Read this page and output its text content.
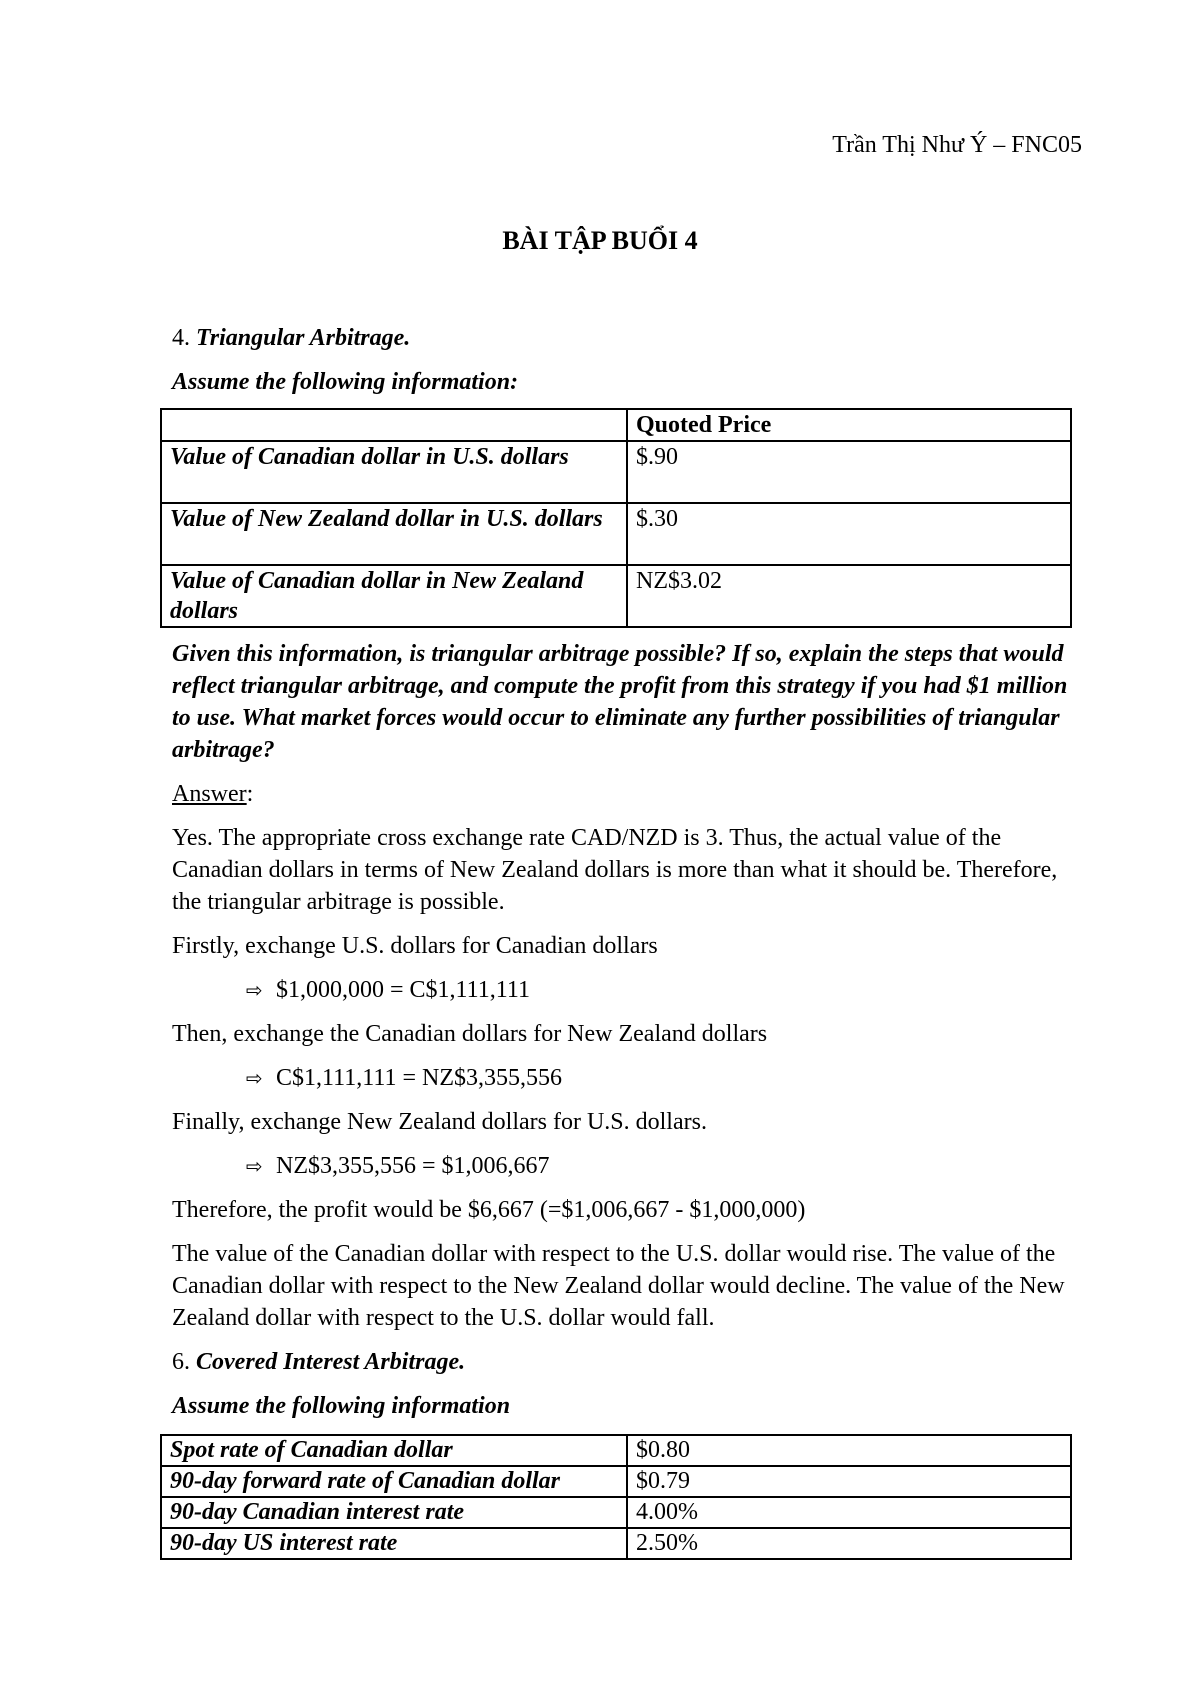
Trần Thị Như Ý – FNC05
BÀI TẬP BUỔI 4
4. Triangular Arbitrage.
Assume the following information:
	Quoted Price
Value of Canadian dollar in U.S. dollars	$.90
Value of New Zealand dollar in U.S. dollars	$.30
Value of Canadian dollar in New Zealand dollars	NZ$3.02
Given this information, is triangular arbitrage possible? If so, explain the steps that would reflect triangular arbitrage, and compute the profit from this strategy if you had $1 million to use. What market forces would occur to eliminate any further possibilities of triangular arbitrage?
Answer:
Yes. The appropriate cross exchange rate CAD/NZD is 3. Thus, the actual value of the Canadian dollars in terms of New Zealand dollars is more than what it should be. Therefore, the triangular arbitrage is possible.
Firstly, exchange U.S. dollars for Canadian dollars
⇨ $1,000,000 = C$1,111,111
Then, exchange the Canadian dollars for New Zealand dollars
⇨ C$1,111,111 = NZ$3,355,556
Finally, exchange New Zealand dollars for U.S. dollars.
⇨ NZ$3,355,556 = $1,006,667
Therefore, the profit would be $6,667 (=$1,006,667 - $1,000,000)
The value of the Canadian dollar with respect to the U.S. dollar would rise. The value of the Canadian dollar with respect to the New Zealand dollar would decline. The value of the New Zealand dollar with respect to the U.S. dollar would fall.
6. Covered Interest Arbitrage.
Assume the following information
Spot rate of Canadian dollar	$0.80
90-day forward rate of Canadian dollar	$0.79
90-day Canadian interest rate	4.00%
90-day US interest rate	2.50%
